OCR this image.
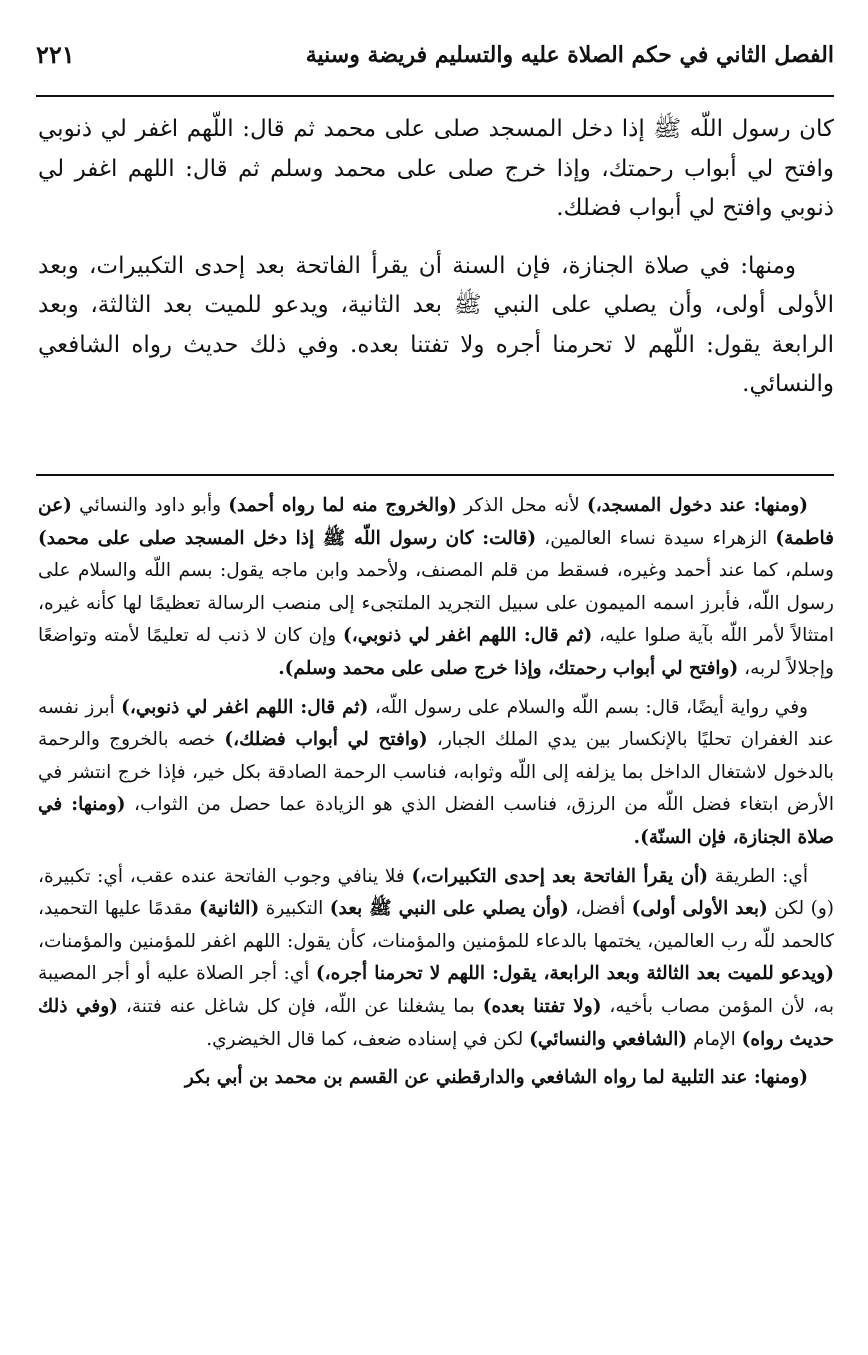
الفصل الثاني في حكم الصلاة عليه والتسليم فريضة وسنية
٢٢١

كان رسول اللّه ﷺ إذا دخل المسجد صلى على محمد ثم قال: اللّهم اغفر لي ذنوبي وافتح لي أبواب رحمتك، وإذا خرج صلى على محمد وسلم ثم قال: اللهم اغفر لي ذنوبي وافتح لي أبواب فضلك.

ومنها: في صلاة الجنازة، فإن السنة أن يقرأ الفاتحة بعد إحدى التكبيرات، وبعد الأولى أولى، وأن يصلي على النبي ﷺ بعد الثانية، ويدعو للميت بعد الثالثة، وبعد الرابعة يقول: اللّهم لا تحرمنا أجره ولا تفتنا بعده. وفي ذلك حديث رواه الشافعي والنسائي.

(ومنها: عند دخول المسجد،) لأنه محل الذكر (والخروج منه لما رواه أحمد) وأبو داود والنسائي (عن فاطمة) الزهراء سيدة نساء العالمين، (قالت: كان رسول اللّه ﷺ إذا دخل المسجد صلى على محمد) وسلم، كما عند أحمد وغيره، فسقط من قلم المصنف، ولأحمد وابن ماجه يقول: بسم اللّه والسلام على رسول اللّه، فأبرز اسمه الميمون على سبيل التجريد الملتجىء إلى منصب الرسالة تعظيمًا لها كأنه غيره، امتثالاً لأمر اللّه بآية صلوا عليه، (ثم قال: اللهم اغفر لي ذنوبي،) وإن كان لا ذنب له تعليمًا لأمته وتواضعًا وإجلالاً لربه، (وافتح لي أبواب رحمتك، وإذا خرج صلى على محمد وسلم).

وفي رواية أيضًا، قال: بسم اللّه والسلام على رسول اللّه، (ثم قال: اللهم اغفر لي ذنوبي،) أبرز نفسه عند الغفران تحليًا بالإنكسار بين يدي الملك الجبار، (وافتح لي أبواب فضلك،) خصه بالخروج والرحمة بالدخول لاشتغال الداخل بما يزلفه إلى اللّه وثوابه، فناسب الرحمة الصادقة بكل خير، فإذا خرج انتشر في الأرض ابتغاء فضل اللّه من الرزق، فناسب الفضل الذي هو الزيادة عما حصل من الثواب، (ومنها: في صلاة الجنازة، فإن السنّة).

أي: الطريقة (أن يقرأ الفاتحة بعد إحدى التكبيرات،) فلا ينافي وجوب الفاتحة عنده عقب، أي: تكبيرة، (و) لكن (بعد الأولى أولى) أفضل، (وأن يصلي على النبي ﷺ بعد) التكبيرة (الثانية) مقدمًا عليها التحميد، كالحمد للّه رب العالمين، يختمها بالدعاء للمؤمنين والمؤمنات، كأن يقول: اللهم اغفر للمؤمنين والمؤمنات، (ويدعو للميت بعد الثالثة وبعد الرابعة، يقول: اللهم لا تحرمنا أجره،) أي: أجر الصلاة عليه أو أجر المصيبة به، لأن المؤمن مصاب بأخيه، (ولا تفتنا بعده) بما يشغلنا عن اللّه، فإن كل شاغل عنه فتنة، (وفي ذلك حديث رواه) الإمام (الشافعي والنسائي) لكن في إسناده ضعف، كما قال الخيضري.

(ومنها: عند التلبية لما رواه الشافعي والدارقطني عن القسم بن محمد بن أبي بكر
